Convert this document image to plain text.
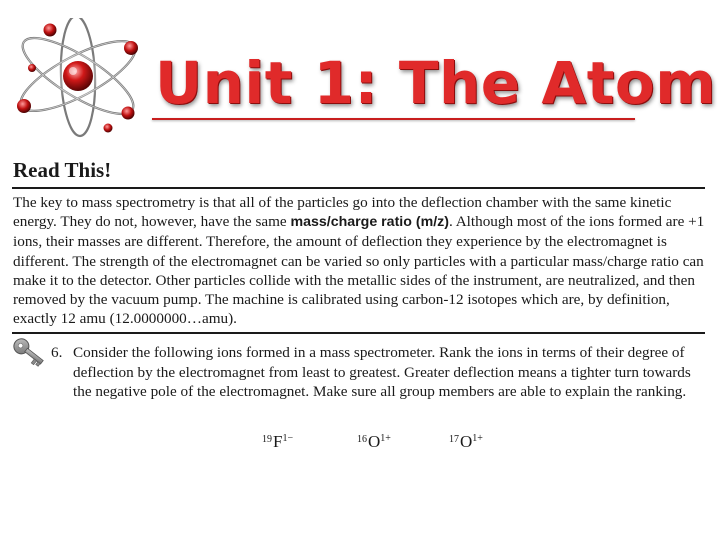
Unit 1: The Atom
Read This!

The key to mass spectrometry is that all of the particles go into the deflection chamber with the same kinetic energy. They do not, however, have the same mass/charge ratio (m/z). Although most of the ions formed are +1 ions, their masses are different. Therefore, the amount of deflection they experience by the electromagnet is different. The strength of the electromagnet can be varied so only particles with a particular mass/charge ratio can make it to the detector. Other particles collide with the metallic sides of the instrument, are neutralized, and then removed by the vacuum pump. The machine is calibrated using carbon-12 isotopes which are, by definition, exactly 12 amu (12.0000000…amu).

6. Consider the following ions formed in a mass spectrometer. Rank the ions in terms of their degree of deflection by the electromagnet from least to greatest. Greater deflection means a tighter turn towards the negative pole of the electromagnet. Make sure all group members are able to explain the ranking.

$^{19}F^{1-}$	$^{16}O^{1+}$	$^{17}O^{1+}$
